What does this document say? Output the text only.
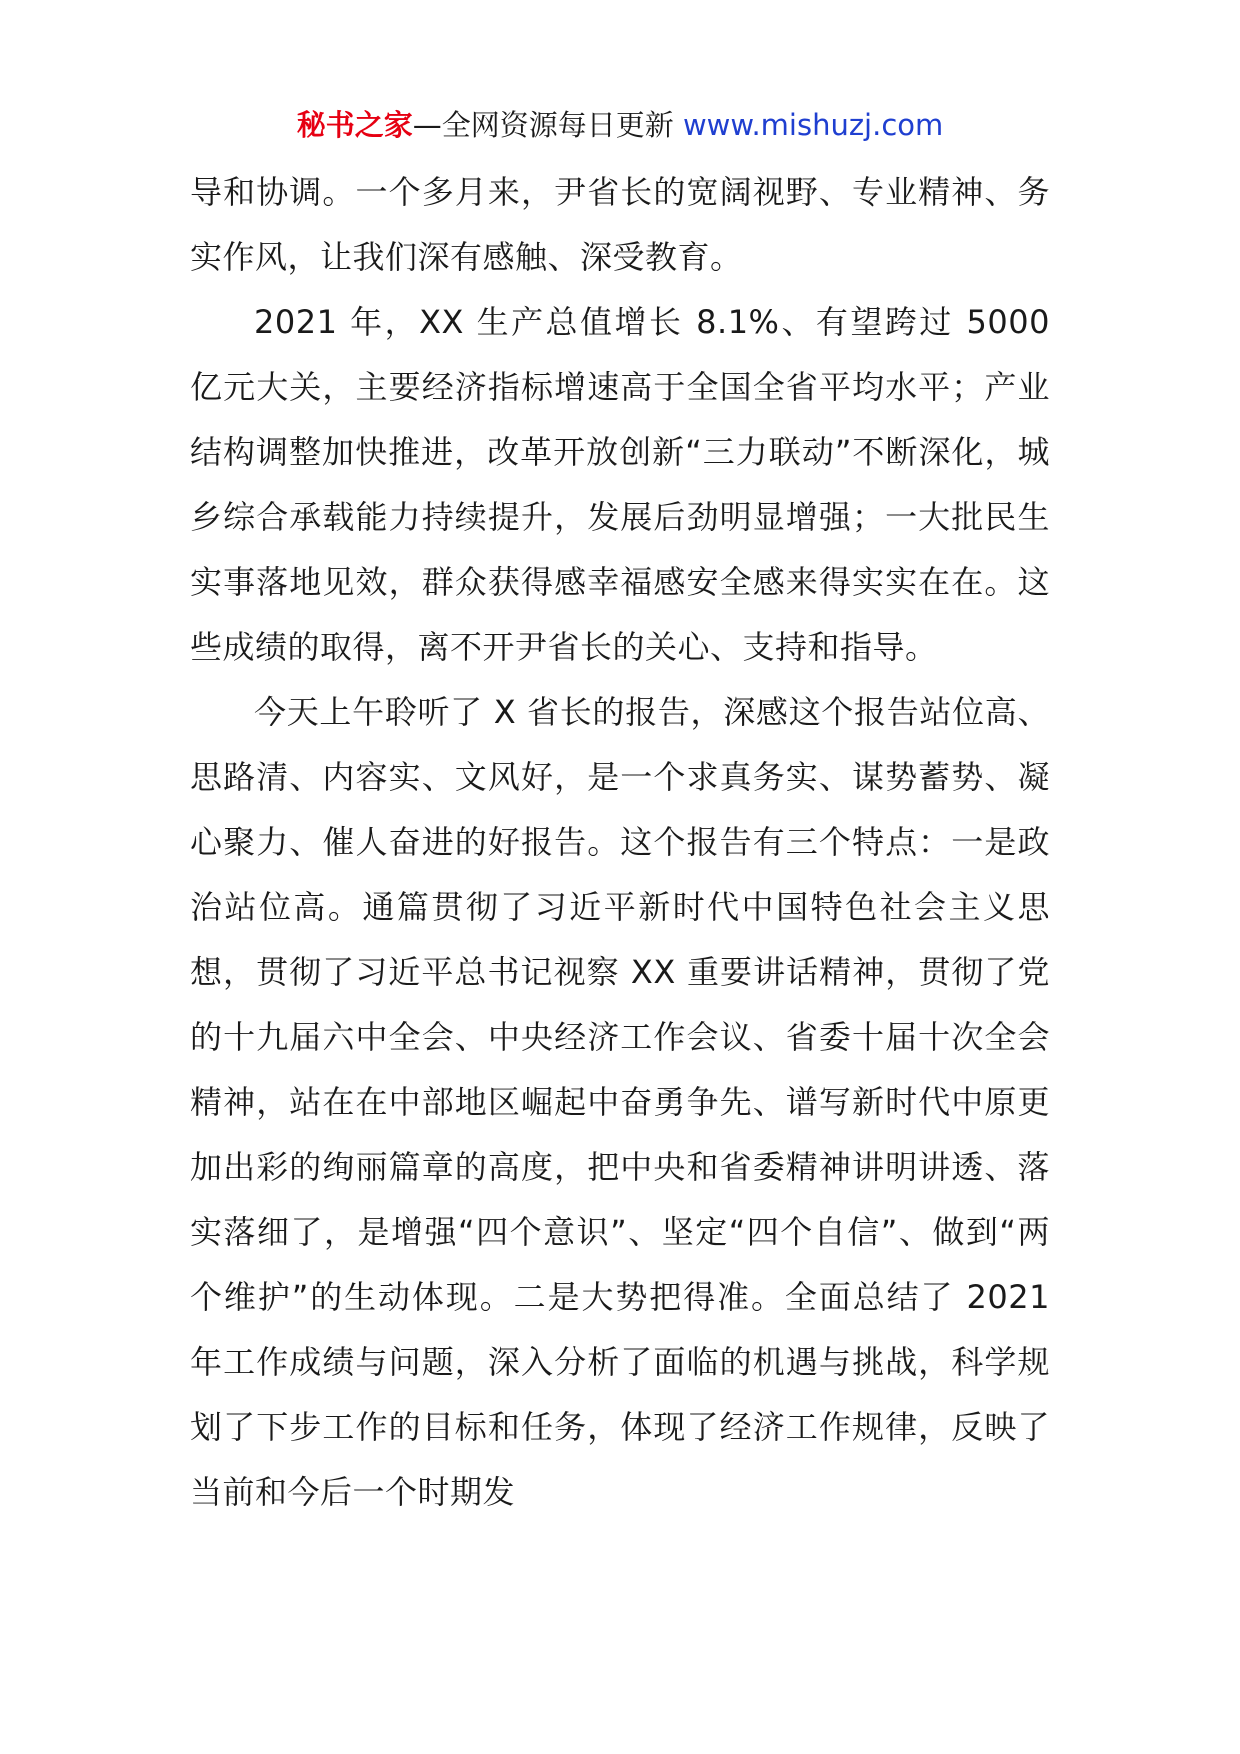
秘书之家—全网资源每日更新 www.mishuzj.com

导和协调。一个多月来，尹省长的宽阔视野、专业精神、务实作风，让我们深有感触、深受教育。

2021 年，XX 生产总值增长 8.1%、有望跨过 5000 亿元大关，主要经济指标增速高于全国全省平均水平；产业结构调整加快推进，改革开放创新“三力联动”不断深化，城乡综合承载能力持续提升，发展后劲明显增强；一大批民生实事落地见效，群众获得感幸福感安全感来得实实在在。这些成绩的取得，离不开尹省长的关心、支持和指导。

今天上午聆听了 X 省长的报告，深感这个报告站位高、思路清、内容实、文风好，是一个求真务实、谋势蓄势、凝心聚力、催人奋进的好报告。这个报告有三个特点：一是政治站位高。通篇贯彻了习近平新时代中国特色社会主义思想，贯彻了习近平总书记视察 XX 重要讲话精神，贯彻了党的十九届六中全会、中央经济工作会议、省委十届十次全会精神，站在在中部地区崛起中奋勇争先、谱写新时代中原更加出彩的绚丽篇章的高度，把中央和省委精神讲明讲透、落实落细了，是增强“四个意识”、坚定“四个自信”、做到“两个维护”的生动体现。二是大势把得准。全面总结了 2021 年工作成绩与问题，深入分析了面临的机遇与挑战，科学规划了下步工作的目标和任务，体现了经济工作规律，反映了当前和今后一个时期发
